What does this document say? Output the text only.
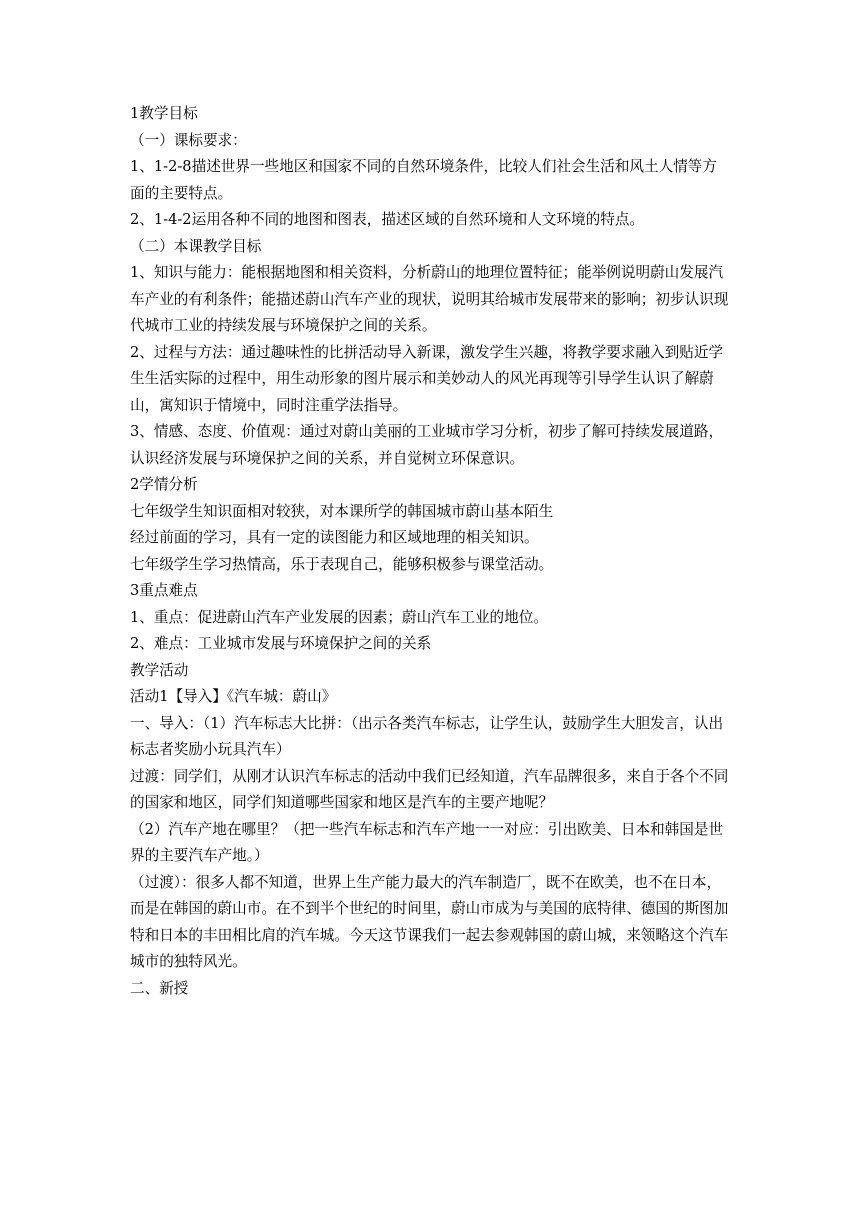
1教学目标

（一）课标要求：

1、1-2-8描述世界一些地区和国家不同的自然环境条件，比较人们社会生活和风土人情等方面的主要特点。

2、1-4-2运用各种不同的地图和图表，描述区域的自然环境和人文环境的特点。

（二）本课教学目标

1、知识与能力：能根据地图和相关资料，分析蔚山的地理位置特征；能举例说明蔚山发展汽车产业的有利条件；能描述蔚山汽车产业的现状，说明其给城市发展带来的影响；初步认识现代城市工业的持续发展与环境保护之间的关系。

2、过程与方法：通过趣味性的比拼活动导入新课，激发学生兴趣，将教学要求融入到贴近学生生活实际的过程中，用生动形象的图片展示和美妙动人的风光再现等引导学生认识了解蔚山，寓知识于情境中，同时注重学法指导。

3、情感、态度、价值观：通过对蔚山美丽的工业城市学习分析，初步了解可持续发展道路，认识经济发展与环境保护之间的关系，并自觉树立环保意识。

2学情分析

七年级学生知识面相对较狭，对本课所学的韩国城市蔚山基本陌生

经过前面的学习，具有一定的读图能力和区域地理的相关知识。

七年级学生学习热情高，乐于表现自己，能够积极参与课堂活动。

3重点难点

1、重点：促进蔚山汽车产业发展的因素；蔚山汽车工业的地位。

2、难点：工业城市发展与环境保护之间的关系

教学活动

活动1【导入】《汽车城：蔚山》

一、导入：（1）汽车标志大比拼：（出示各类汽车标志，让学生认，鼓励学生大胆发言，认出标志者奖励小玩具汽车）

过渡：同学们，从刚才认识汽车标志的活动中我们已经知道，汽车品牌很多，来自于各个不同的国家和地区，同学们知道哪些国家和地区是汽车的主要产地呢？

（2）汽车产地在哪里？（把一些汽车标志和汽车产地一一对应：引出欧美、日本和韩国是世界的主要汽车产地。）

（过渡）：很多人都不知道，世界上生产能力最大的汽车制造厂，既不在欧美，也不在日本，而是在韩国的蔚山市。在不到半个世纪的时间里，蔚山市成为与美国的底特律、德国的斯图加特和日本的丰田相比肩的汽车城。今天这节课我们一起去参观韩国的蔚山城，来领略这个汽车城市的独特风光。

二、新授
